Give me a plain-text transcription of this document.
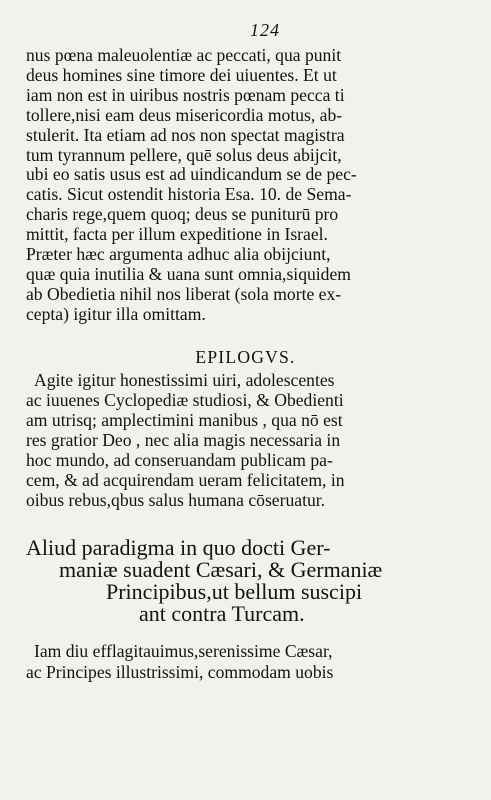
124
nus pœna maleuolentiæ ac peccati, qua punit
deus homines sine timore dei uiuentes. Et ut
iam non est in uiribus nostris pœnam pecca ti
tollere,nisi eam deus misericordia motus, ab-
stulerit. Ita etiam ad nos non spectat magistra
tum tyrannum pellere, quē solus deus abijcit,
ubi eo satis usus est ad uindicandum se de pec-
catis. Sicut ostendit historia Esa. 10. de Sema-
charis rege,quem quoq; deus se puniturū pro
mittit, facta per illum expeditione in Israel.
Præter hæc argumenta adhuc alia obijciunt,
quæ quia inutilia & uana sunt omnia,siquidem
ab Obedietia nihil nos liberat (sola morte ex-
cepta) igitur illa omittam.
EPILOGVS.
Agite igitur honestissimi uiri, adolescentes
ac iuuenes Cyclopediæ studiosi, & Obedienti
am utrisq; amplectimini manibus , qua nō est
res gratior Deo , nec alia magis necessaria in
hoc mundo, ad conseruandam publicam pa-
cem, & ad acquirendam ueram felicitatem, in
oibus rebus,qbus salus humana cōseruatur.
Aliud paradigma in quo docti Ger-
maniæ suadent Cæsari, & Germaniæ
Principibus,ut bellum suscipi
ant contra Turcam.
Iam diu efflagitauimus,serenissime Cæsar,
ac Principes illustrissimi, commodam uobis
